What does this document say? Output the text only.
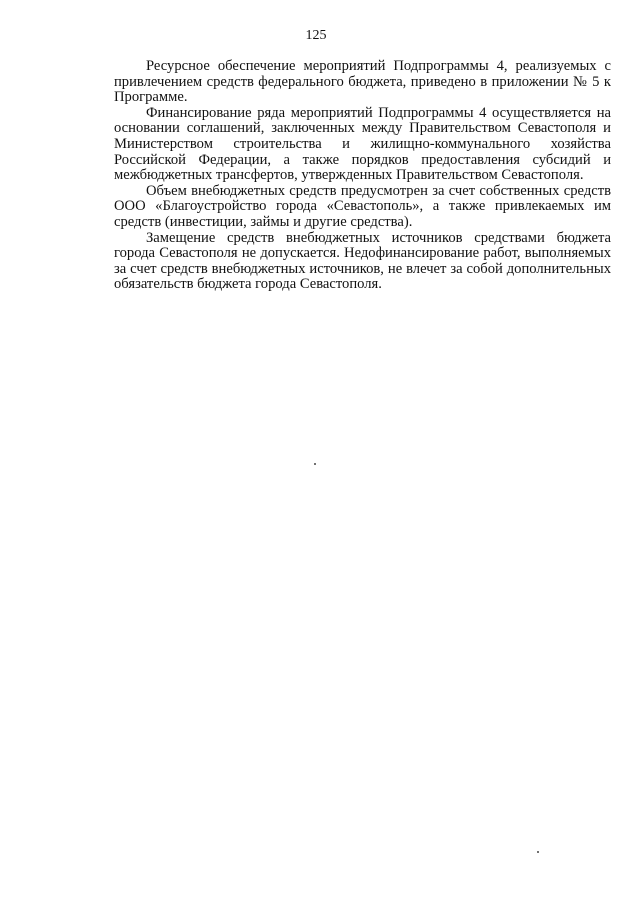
125

Ресурсное обеспечение мероприятий Подпрограммы 4, реализуемых с привлечением средств федерального бюджета, приведено в приложении № 5 к Программе.

Финансирование ряда мероприятий Подпрограммы 4 осуществляется на основании соглашений, заключенных между Правительством Севастополя и Министерством строительства и жилищно-коммунального хозяйства Российской Федерации, а также порядков предоставления субсидий и межбюджетных трансфертов, утвержденных Правительством Севастополя.

Объем внебюджетных средств предусмотрен за счет собственных средств ООО «Благоустройство города «Севастополь», а также привлекаемых им средств (инвестиции, займы и другие средства).

Замещение средств внебюджетных источников средствами бюджета города Севастополя не допускается. Недофинансирование работ, выполняемых за счет средств внебюджетных источников, не влечет за собой дополнительных обязательств бюджета города Севастополя.
